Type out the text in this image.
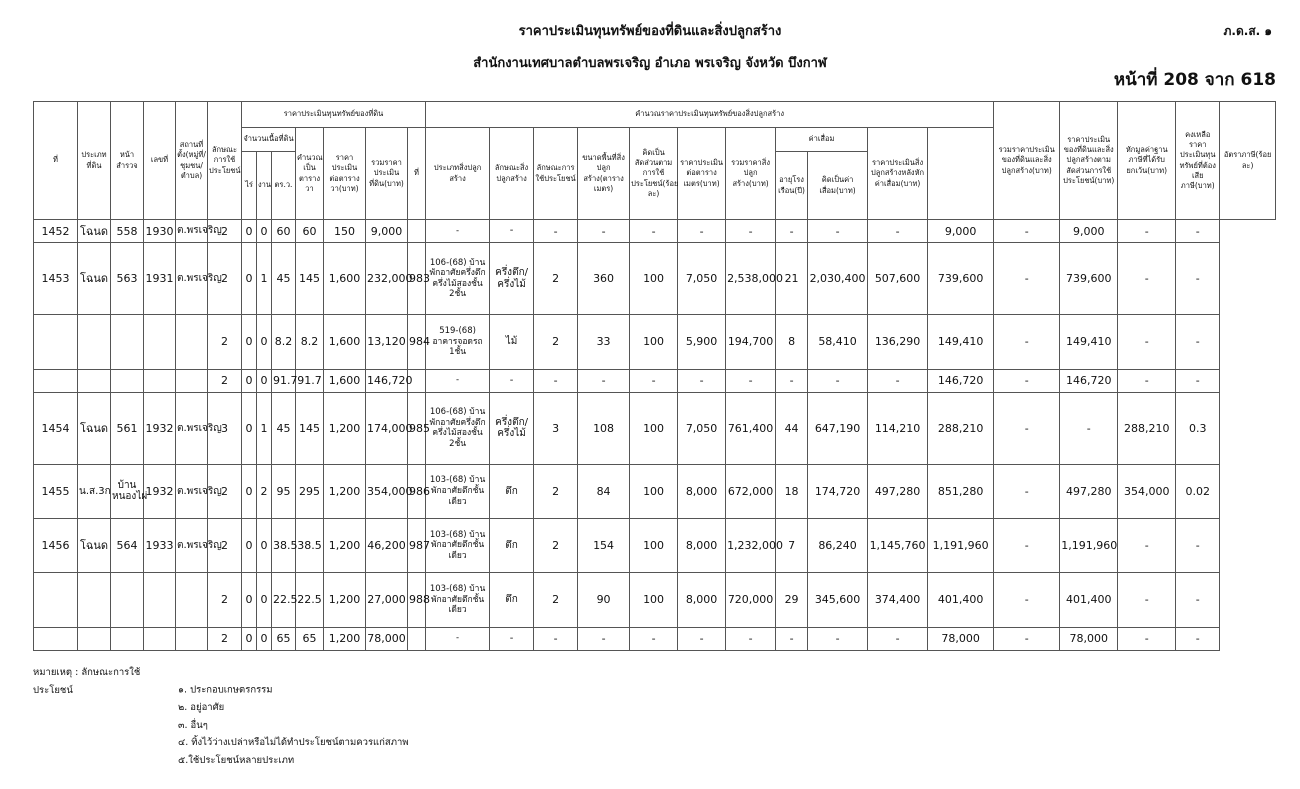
ราคาประเมินทุนทรัพย์ของที่ดินและสิ่งปลูกสร้าง
สำนักงานเทศบาลตำบลพรเจริญ อำเภอ พรเจริญ จังหวัด บึงกาฬ
ภ.ด.ส. ๑
หน้าที่ 208 จาก 618
ที่	ประเภทที่ดิน	หน้าสำรวจ	เลขที่	สถานที่ตั้ง(หมู่ที่/ชุมชน/ตำบล)	ลักษณะการใช้ประโยชน์	ราคาประเมินทุนทรัพย์ของที่ดิน							คำนวณราคาประเมินทุนทรัพย์ของสิ่งปลูกสร้าง											รวมราคาประเมินของที่ดินและสิ่งปลูกสร้าง(บาท)	ราคาประเมินของที่ดินและสิ่งปลูกสร้างตามสัดส่วนการใช้ประโยชน์(บาท)	หักมูลค่าฐานภาษีที่ได้รับยกเว้น(บาท)	คงเหลือราคาประเมินทุนทรัพย์ที่ต้องเสียภาษี(บาท)	อัตราภาษี(ร้อยละ)
						จำนวนเนื้อที่ดิน			คำนวณเป็นตารางวา	ราคาประเมินต่อตารางวา(บาท)	รวมราคาประเมินที่ดิน(บาท)	ที่	ประเภทสิ่งปลูกสร้าง	ลักษณะสิ่งปลูกสร้าง	ลักษณะการใช้ประโยชน์	ขนาดพื้นที่สิ่งปลูกสร้าง(ตารางเมตร)	คิดเป็นสัดส่วนตามการใช้ประโยชน์(ร้อยละ)	ราคาประเมินต่อตารางเมตร(บาท)	รวมราคาสิ่งปลูกสร้าง(บาท)	ค่าเสื่อม		ราคาประเมินสิ่งปลูกสร้างหลังหักค่าเสื่อม(บาท)						
						ไร่	งาน	ตร.ว.												อายุโรงเรือน(ปี)	คิดเป็นค่าเสื่อม(บาท)							
1452	โฉนด	558	1930	ต.พรเจริญ	2	0	0	60	60	150	9,000		-	-	-	-	-	-	-	-	-	-	9,000	-	9,000	-	-	
1453	โฉนด	563	1931	ต.พรเจริญ	2	0	1	45	145	1,600	232,000	983	106-(68) บ้านพักอาศัยครึ่งตึกครึ่งไม้สองชั้น 2ชั้น	ครึ่งตึก/ครึ่งไม้	2	360	100	7,050	2,538,000	21	2,030,400	507,600	739,600	-	739,600	-	-	
					2	0	0	8.2	8.2	1,600	13,120	984	519-(68) อาคารจอดรถ 1ชั้น	ไม้	2	33	100	5,900	194,700	8	58,410	136,290	149,410	-	149,410	-	-	
					2	0	0	91.7	91.7	1,600	146,720		-	-	-	-	-	-	-	-	-	-	146,720	-	146,720	-	-	
1454	โฉนด	561	1932	ต.พรเจริญ	3	0	1	45	145	1,200	174,000	985	106-(68) บ้านพักอาศัยครึ่งตึกครึ่งไม้สองชั้น 2ชั้น	ครึ่งตึก/ครึ่งไม้	3	108	100	7,050	761,400	44	647,190	114,210	288,210	-	-	288,210	0.3	
1455	น.ส.3ก	บ้านหนองไผ่	1932	ต.พรเจริญ	2	0	2	95	295	1,200	354,000	986	103-(68) บ้านพักอาศัยตึกชั้นเดียว	ตึก	2	84	100	8,000	672,000	18	174,720	497,280	851,280	-	497,280	354,000	0.02	
1456	โฉนด	564	1933	ต.พรเจริญ	2	0	0	38.5	38.5	1,200	46,200	987	103-(68) บ้านพักอาศัยตึกชั้นเดียว	ตึก	2	154	100	8,000	1,232,000	7	86,240	1,145,760	1,191,960	-	1,191,960	-	-	
					2	0	0	22.5	22.5	1,200	27,000	988	103-(68) บ้านพักอาศัยตึกชั้นเดียว	ตึก	2	90	100	8,000	720,000	29	345,600	374,400	401,400	-	401,400	-	-	
					2	0	0	65	65	1,200	78,000		-	-	-	-	-	-	-	-	-	-	78,000	-	78,000	-	-	
หมายเหตุ : ลักษณะการใช้ประโยชน์	๑. ประกอบเกษตรกรรม
๒. อยู่อาศัย
๓. อื่นๆ
๔. ทิ้งไว้ว่างเปล่าหรือไม่ได้ทำประโยชน์ตามควรแก่สภาพ
๕.ใช้ประโยชน์หลายประเภท
